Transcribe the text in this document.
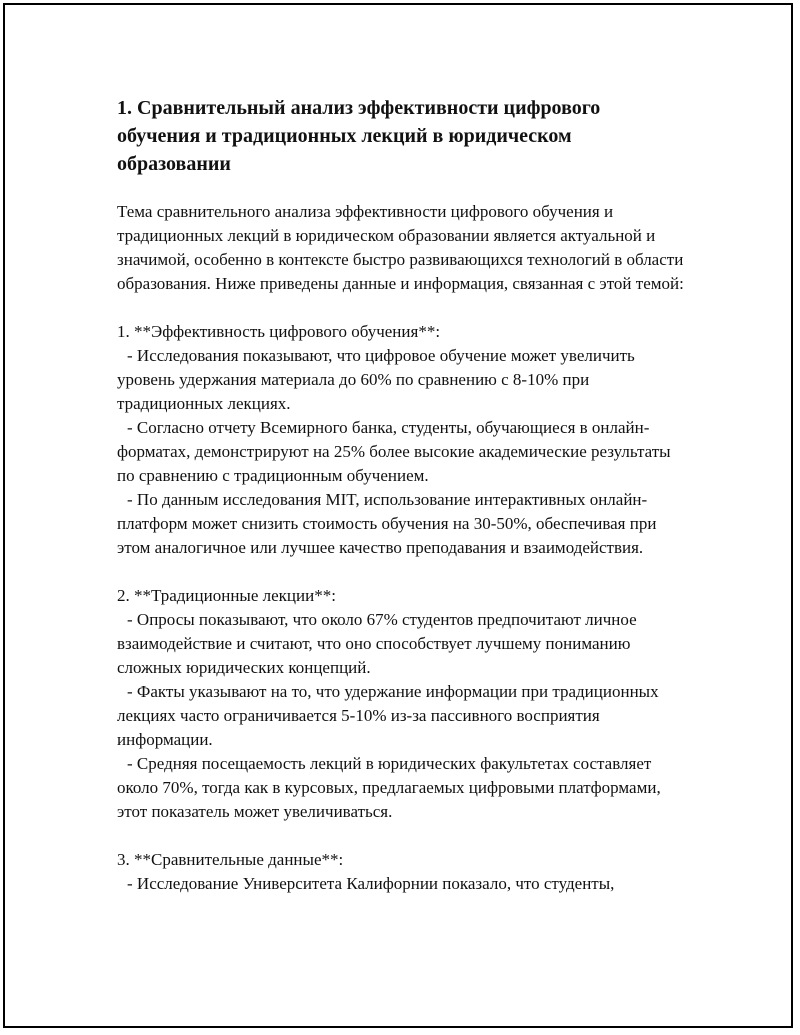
1. Сравнительный анализ эффективности цифрового обучения и традиционных лекций в юридическом образовании
Тема сравнительного анализа эффективности цифрового обучения и традиционных лекций в юридическом образовании является актуальной и значимой, особенно в контексте быстро развивающихся технологий в области образования. Ниже приведены данные и информация, связанная с этой темой:
1. **Эффективность цифрового обучения**:
- Исследования показывают, что цифровое обучение может увеличить уровень удержания материала до 60% по сравнению с 8-10% при традиционных лекциях.
- Согласно отчету Всемирного банка, студенты, обучающиеся в онлайн-форматах, демонстрируют на 25% более высокие академические результаты по сравнению с традиционным обучением.
- По данным исследования MIT, использование интерактивных онлайн-платформ может снизить стоимость обучения на 30-50%, обеспечивая при этом аналогичное или лучшее качество преподавания и взаимодействия.
2. **Традиционные лекции**:
- Опросы показывают, что около 67% студентов предпочитают личное взаимодействие и считают, что оно способствует лучшему пониманию сложных юридических концепций.
- Факты указывают на то, что удержание информации при традиционных лекциях часто ограничивается 5-10% из-за пассивного восприятия информации.
- Средняя посещаемость лекций в юридических факультетах составляет около 70%, тогда как в курсовых, предлагаемых цифровыми платформами, этот показатель может увеличиваться.
3. **Сравнительные данные**:
- Исследование Университета Калифорнии показало, что студенты,
